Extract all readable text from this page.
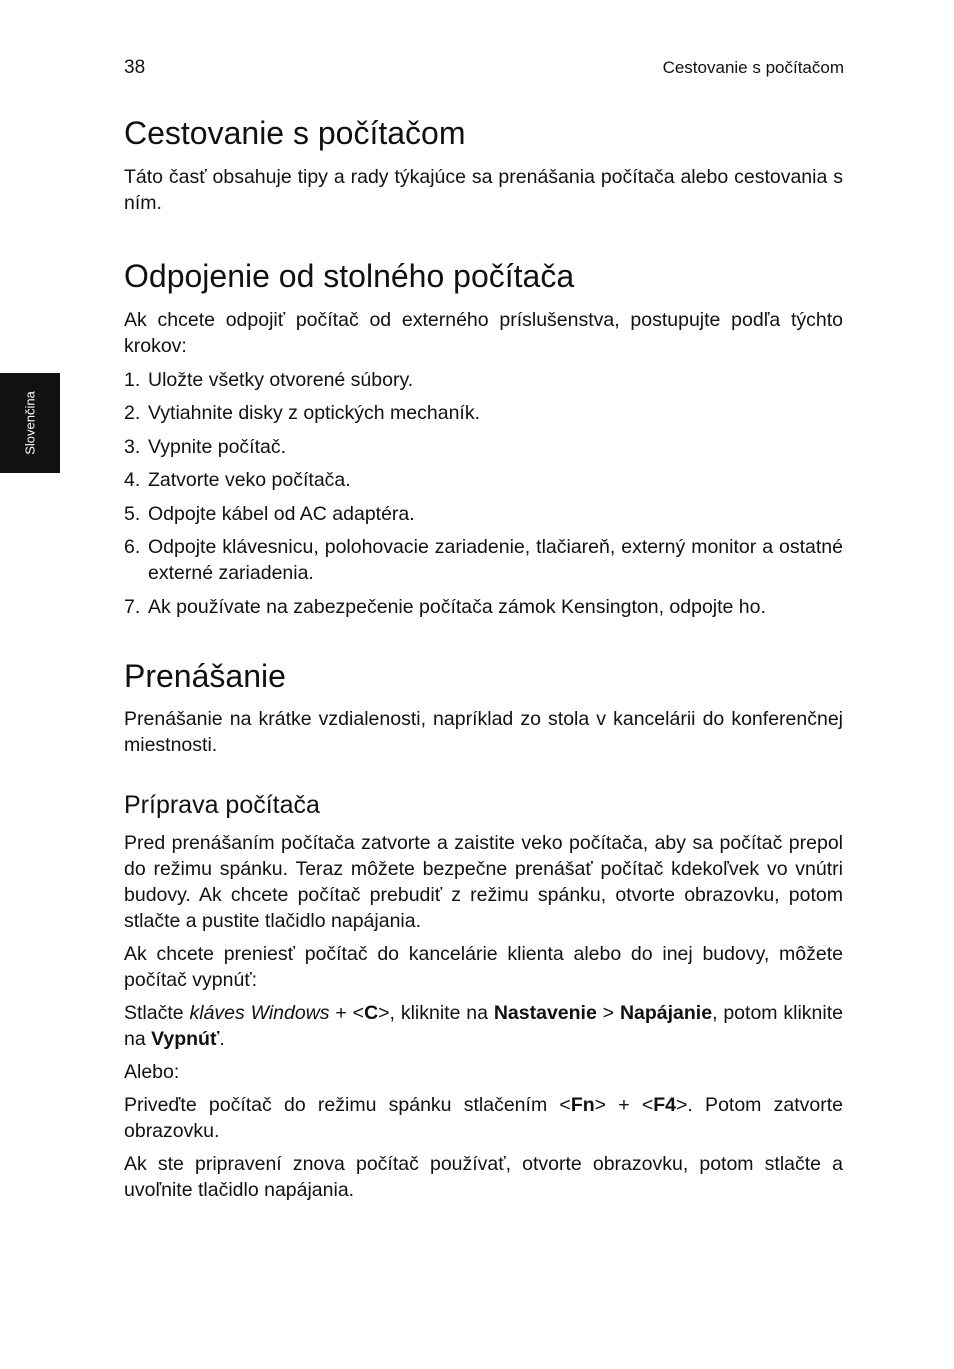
38	Cestovanie s počítačom
Slovenčina
Cestovanie s počítačom

Táto časť obsahuje tipy a rady týkajúce sa prenášania počítača alebo cestovania s ním.

Odpojenie od stolného počítača

Ak chcete odpojiť počítač od externého príslušenstva, postupujte podľa týchto krokov:

1. Uložte všetky otvorené súbory.
2. Vytiahnite disky z optických mechaník.
3. Vypnite počítač.
4. Zatvorte veko počítača.
5. Odpojte kábel od AC adaptéra.
6. Odpojte klávesnicu, polohovacie zariadenie, tlačiareň, externý monitor a ostatné externé zariadenia.
7. Ak používate na zabezpečenie počítača zámok Kensington, odpojte ho.
Prenášanie

Prenášanie na krátke vzdialenosti, napríklad zo stola v kancelárii do konferenčnej miestnosti.

Príprava počítača

Pred prenášaním počítača zatvorte a zaistite veko počítača, aby sa počítač prepol do režimu spánku. Teraz môžete bezpečne prenášať počítač kdekoľvek vo vnútri budovy. Ak chcete počítač prebudiť z režimu spánku, otvorte obrazovku, potom stlačte a pustite tlačidlo napájania.

Ak chcete preniesť počítač do kancelárie klienta alebo do inej budovy, môžete počítač vypnúť:

Stlačte kláves Windows + <C>, kliknite na Nastavenie > Napájanie, potom kliknite na Vypnúť.

Alebo:

Priveďte počítač do režimu spánku stlačením <Fn> + <F4>. Potom zatvorte obrazovku.

Ak ste pripravení znova počítač používať, otvorte obrazovku, potom stlačte a uvoľnite tlačidlo napájania.
